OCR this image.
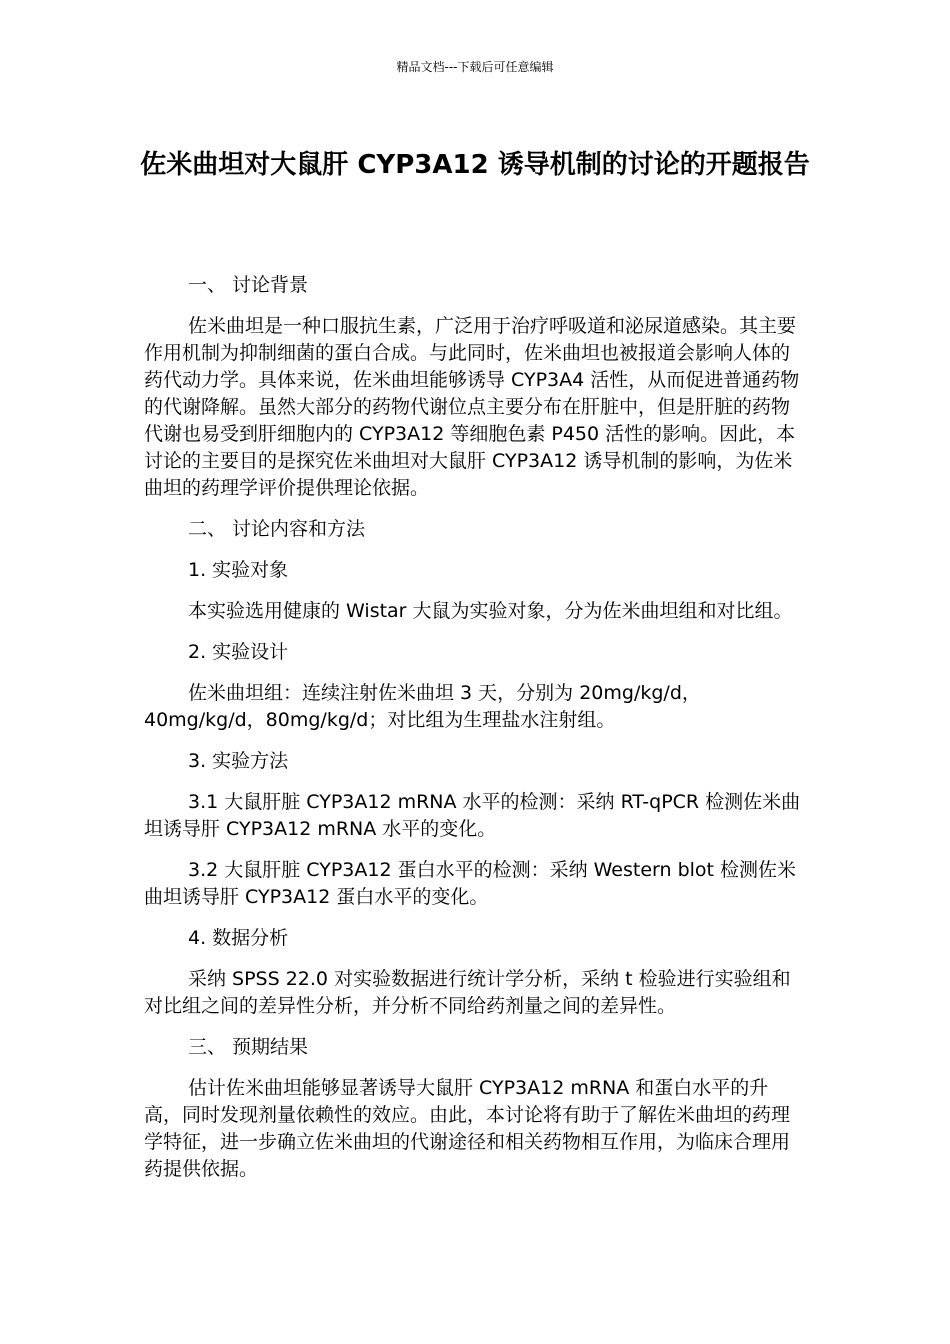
精品文档---下载后可任意编辑
佐米曲坦对大鼠肝 CYP3A12 诱导机制的讨论的开题报告

一、 讨论背景

佐米曲坦是一种口服抗生素，广泛用于治疗呼吸道和泌尿道感染。其主要作用机制为抑制细菌的蛋白合成。与此同时，佐米曲坦也被报道会影响人体的药代动力学。具体来说，佐米曲坦能够诱导 CYP3A4 活性，从而促进普通药物的代谢降解。虽然大部分的药物代谢位点主要分布在肝脏中，但是肝脏的药物代谢也易受到肝细胞内的 CYP3A12 等细胞色素 P450 活性的影响。因此，本讨论的主要目的是探究佐米曲坦对大鼠肝 CYP3A12 诱导机制的影响，为佐米曲坦的药理学评价提供理论依据。

二、 讨论内容和方法

1. 实验对象

本实验选用健康的 Wistar 大鼠为实验对象，分为佐米曲坦组和对比组。

2. 实验设计

佐米曲坦组：连续注射佐米曲坦 3 天，分别为 20mg/kg/d，40mg/kg/d，80mg/kg/d；对比组为生理盐水注射组。

3. 实验方法

3.1 大鼠肝脏 CYP3A12 mRNA 水平的检测：采纳 RT-qPCR 检测佐米曲坦诱导肝 CYP3A12 mRNA 水平的变化。

3.2 大鼠肝脏 CYP3A12 蛋白水平的检测：采纳 Western blot 检测佐米曲坦诱导肝 CYP3A12 蛋白水平的变化。

4. 数据分析

采纳 SPSS 22.0 对实验数据进行统计学分析，采纳 t 检验进行实验组和对比组之间的差异性分析，并分析不同给药剂量之间的差异性。

三、 预期结果

估计佐米曲坦能够显著诱导大鼠肝 CYP3A12 mRNA 和蛋白水平的升高，同时发现剂量依赖性的效应。由此，本讨论将有助于了解佐米曲坦的药理学特征，进一步确立佐米曲坦的代谢途径和相关药物相互作用，为临床合理用药提供依据。
